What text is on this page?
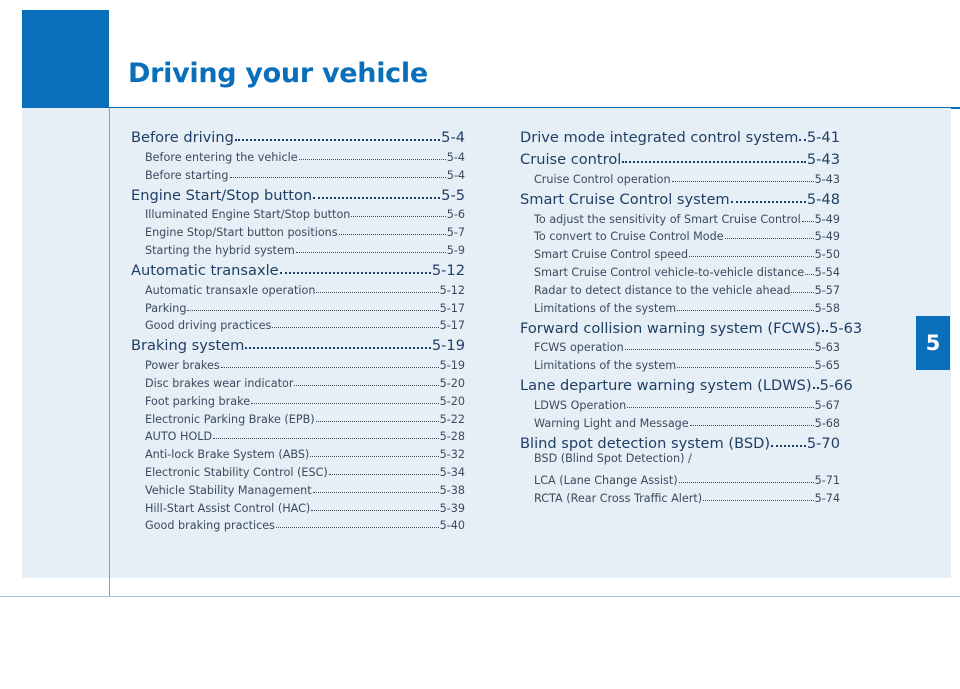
Driving your vehicle
5
Before driving	5-4
Before entering the vehicle	5-4
Before starting	5-4
Engine Start/Stop button	5-5
Illuminated Engine Start/Stop button	5-6
Engine Stop/Start button positions	5-7
Starting the hybrid system	5-9
Automatic transaxle	5-12
Automatic transaxle operation	5-12
Parking	5-17
Good driving practices	5-17
Braking system	5-19
Power brakes	5-19
Disc brakes wear indicator	5-20
Foot parking brake	5-20
Electronic Parking Brake (EPB)	5-22
AUTO HOLD	5-28
Anti-lock Brake System (ABS)	5-32
Electronic Stability Control (ESC)	5-34
Vehicle Stability Management	5-38
Hill-Start Assist Control (HAC)	5-39
Good braking practices	5-40
Drive mode integrated control system 5-41
Cruise control	5-43
Cruise Control operation	5-43
Smart Cruise Control system	5-48
To adjust the sensitivity of Smart Cruise Control 5-49
To convert to Cruise Control Mode	5-49
Smart Cruise Control speed	5-50
Smart Cruise Control vehicle-to-vehicle distance 5-54
Radar to detect distance to the vehicle ahead 5-57
Limitations of the system	5-58
Forward collision warning system (FCWS) 5-63
FCWS operation	5-63
Limitations of the system	5-65
Lane departure warning system (LDWS) 5-66
LDWS Operation	5-67
Warning Light and Message	5-68
Blind spot detection system (BSD)	5-70
BSD (Blind Spot Detection) /
LCA (Lane Change Assist)	5-71
RCTA (Rear Cross Traffic Alert)	5-74
